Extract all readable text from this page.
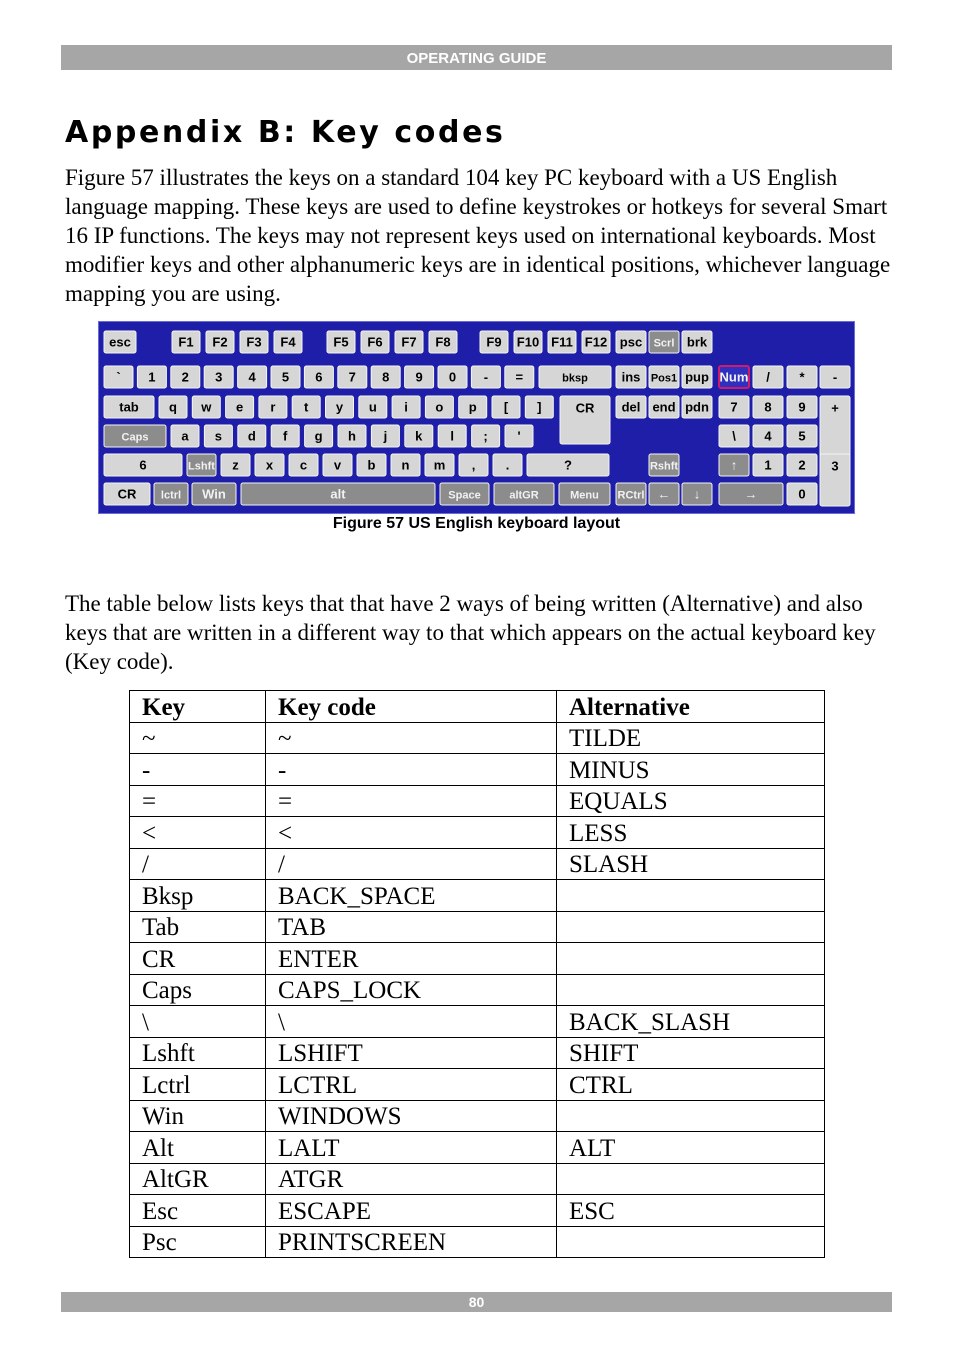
OPERATING GUIDE
Appendix B: Key codes

Figure 57 illustrates the keys on a standard 104 key PC keyboard with a US English language mapping. These keys are used to define keystrokes or hotkeys for several Smart 16 IP functions. The keys may not represent keys used on international keyboards. Most modifier keys and other alphanumeric keys are in identical positions, whichever language mapping you are using.

esc	F1 F2 F3 F4	F5 F6 F7 F8	F9 F10 F11 F12 psc Scrl brk
` 1 2 3 4 5 6 7 8 9 0 - =	bksp	ins Pos1 pup Num / * -
tab q w e r t y u i o p [ ]	CR del end pdn 7 8 9 +
Caps	a s d f g h j k l ; '	\ 4 5
6	Lshft z x c v b n m , .	?	Rshft	↑ 1 2 3
CR lctrl Win	alt	Space	altGR	Menu RCtrl ← ↓	→	0
Figure 57 US English keyboard layout

The table below lists keys that that have 2 ways of being written (Alternative) and also keys that are written in a different way to that which appears on the actual keyboard key (Key code).

Key	Key code	Alternative
~	~	TILDE
-	-	MINUS
=	=	EQUALS
<	<	LESS
/	/	SLASH
Bksp	BACK_SPACE	
Tab	TAB	
CR	ENTER	
Caps	CAPS_LOCK	
\	\	BACK_SLASH
Lshft	LSHIFT	SHIFT
Lctrl	LCTRL	CTRL
Win	WINDOWS	
Alt	LALT	ALT
AltGR	ATGR	
Esc	ESCAPE	ESC
Psc	PRINTSCREEN	
80
